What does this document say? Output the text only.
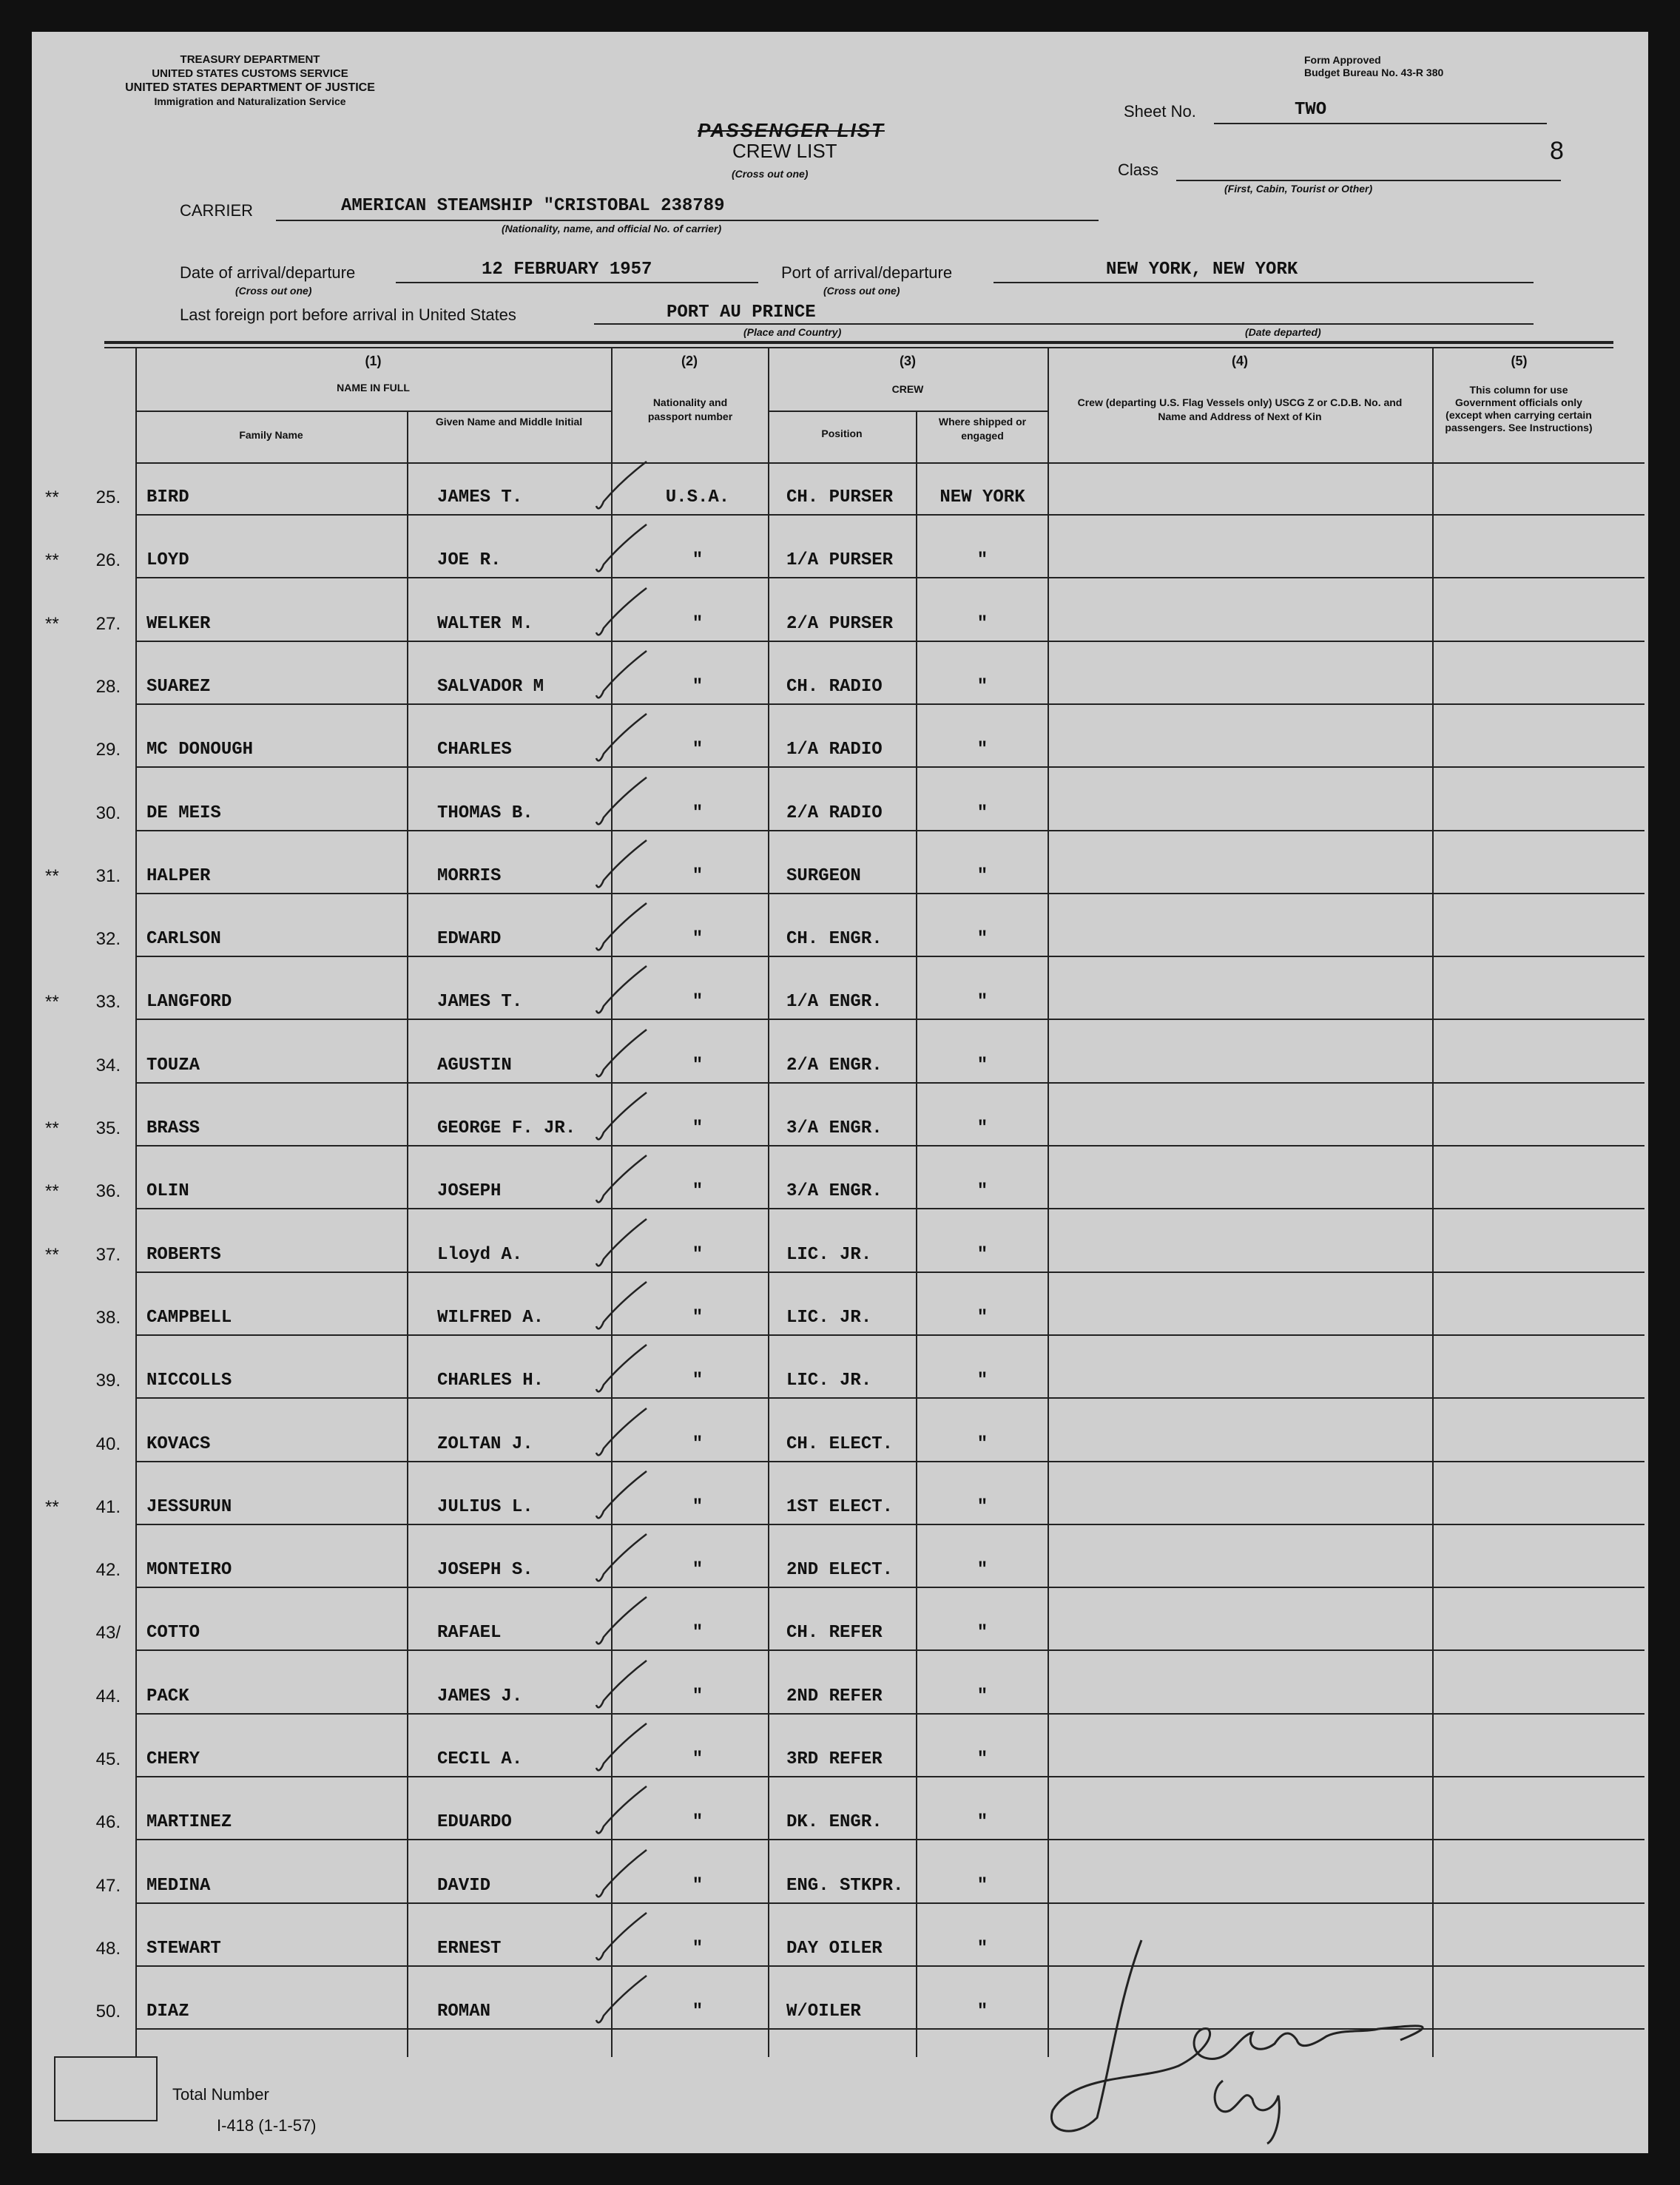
TREASURY DEPARTMENT
UNITED STATES CUSTOMS SERVICE
UNITED STATES DEPARTMENT OF JUSTICE
Immigration and Naturalization Service
Form Approved
Budget Bureau No. 43-R 380
PASSENGER LIST
CREW LIST
(Cross out one)
Sheet No.	TWO
8
Class
(First, Cabin, Tourist or Other)
CARRIER	AMERICAN STEAMSHIP "CRISTOBAL 238789
(Nationality, name, and official No. of carrier)
Date of arrival/departure	12 FEBRUARY 1957
(Cross out one)
Port of arrival/departure	NEW YORK, NEW YORK
(Cross out one)
Last foreign port before arrival in United States	PORT AU PRINCE
(Place and Country)	(Date departed)
(1)
NAME IN FULL
Family Name
Given Name and Middle Initial
(2)
Nationality and passport number
(3)
CREW
Position
Where shipped or engaged
(4)
Crew (departing U.S. Flag Vessels only) USCG Z or C.D.B. No. and Name and Address of Next of Kin
(5)
This column for use Government officials only (except when carrying certain passengers. See Instructions)
**	25. BIRD	JAMES T.	U.S.A.	CH. PURSER	NEW YORK
**	26. LOYD	JOE R.	"	1/A PURSER	"
**	27. WELKER	WALTER M.	"	2/A PURSER	"
28. SUAREZ	SALVADOR M	"	CH. RADIO	"
29. MC DONOUGH	CHARLES	"	1/A RADIO	"
30. DE MEIS	THOMAS B.	"	2/A RADIO	"
**	31. HALPER	MORRIS	"	SURGEON	"
32. CARLSON	EDWARD	"	CH. ENGR.	"
**	33. LANGFORD	JAMES T.	"	1/A ENGR.	"
34. TOUZA	AGUSTIN	"	2/A ENGR.	"
**	35. BRASS	GEORGE F. JR.	"	3/A ENGR.	"
**	36. OLIN	JOSEPH	"	3/A ENGR.	"
**	37. ROBERTS	Lloyd A.	"	LIC. JR.	"
38. CAMPBELL	WILFRED A.	"	LIC. JR.	"
39. NICCOLLS	CHARLES H.	"	LIC. JR.	"
40. KOVACS	ZOLTAN J.	"	CH. ELECT.	"
**	41. JESSURUN	JULIUS L.	"	1ST ELECT.	"
42. MONTEIRO	JOSEPH S.	"	2ND ELECT.	"
43/ COTTO	RAFAEL	"	CH. REFER	"
44. PACK	JAMES J.	"	2ND REFER	"
45. CHERY	CECIL A.	"	3RD REFER	"
46. MARTINEZ	EDUARDO	"	DK. ENGR.	"
47. MEDINA	DAVID	"	ENG. STKPR.	"
48. STEWART	ERNEST	"	DAY OILER	"
50. DIAZ	ROMAN	"	W/OILER	"
Total Number
I-418 (1-1-57)
